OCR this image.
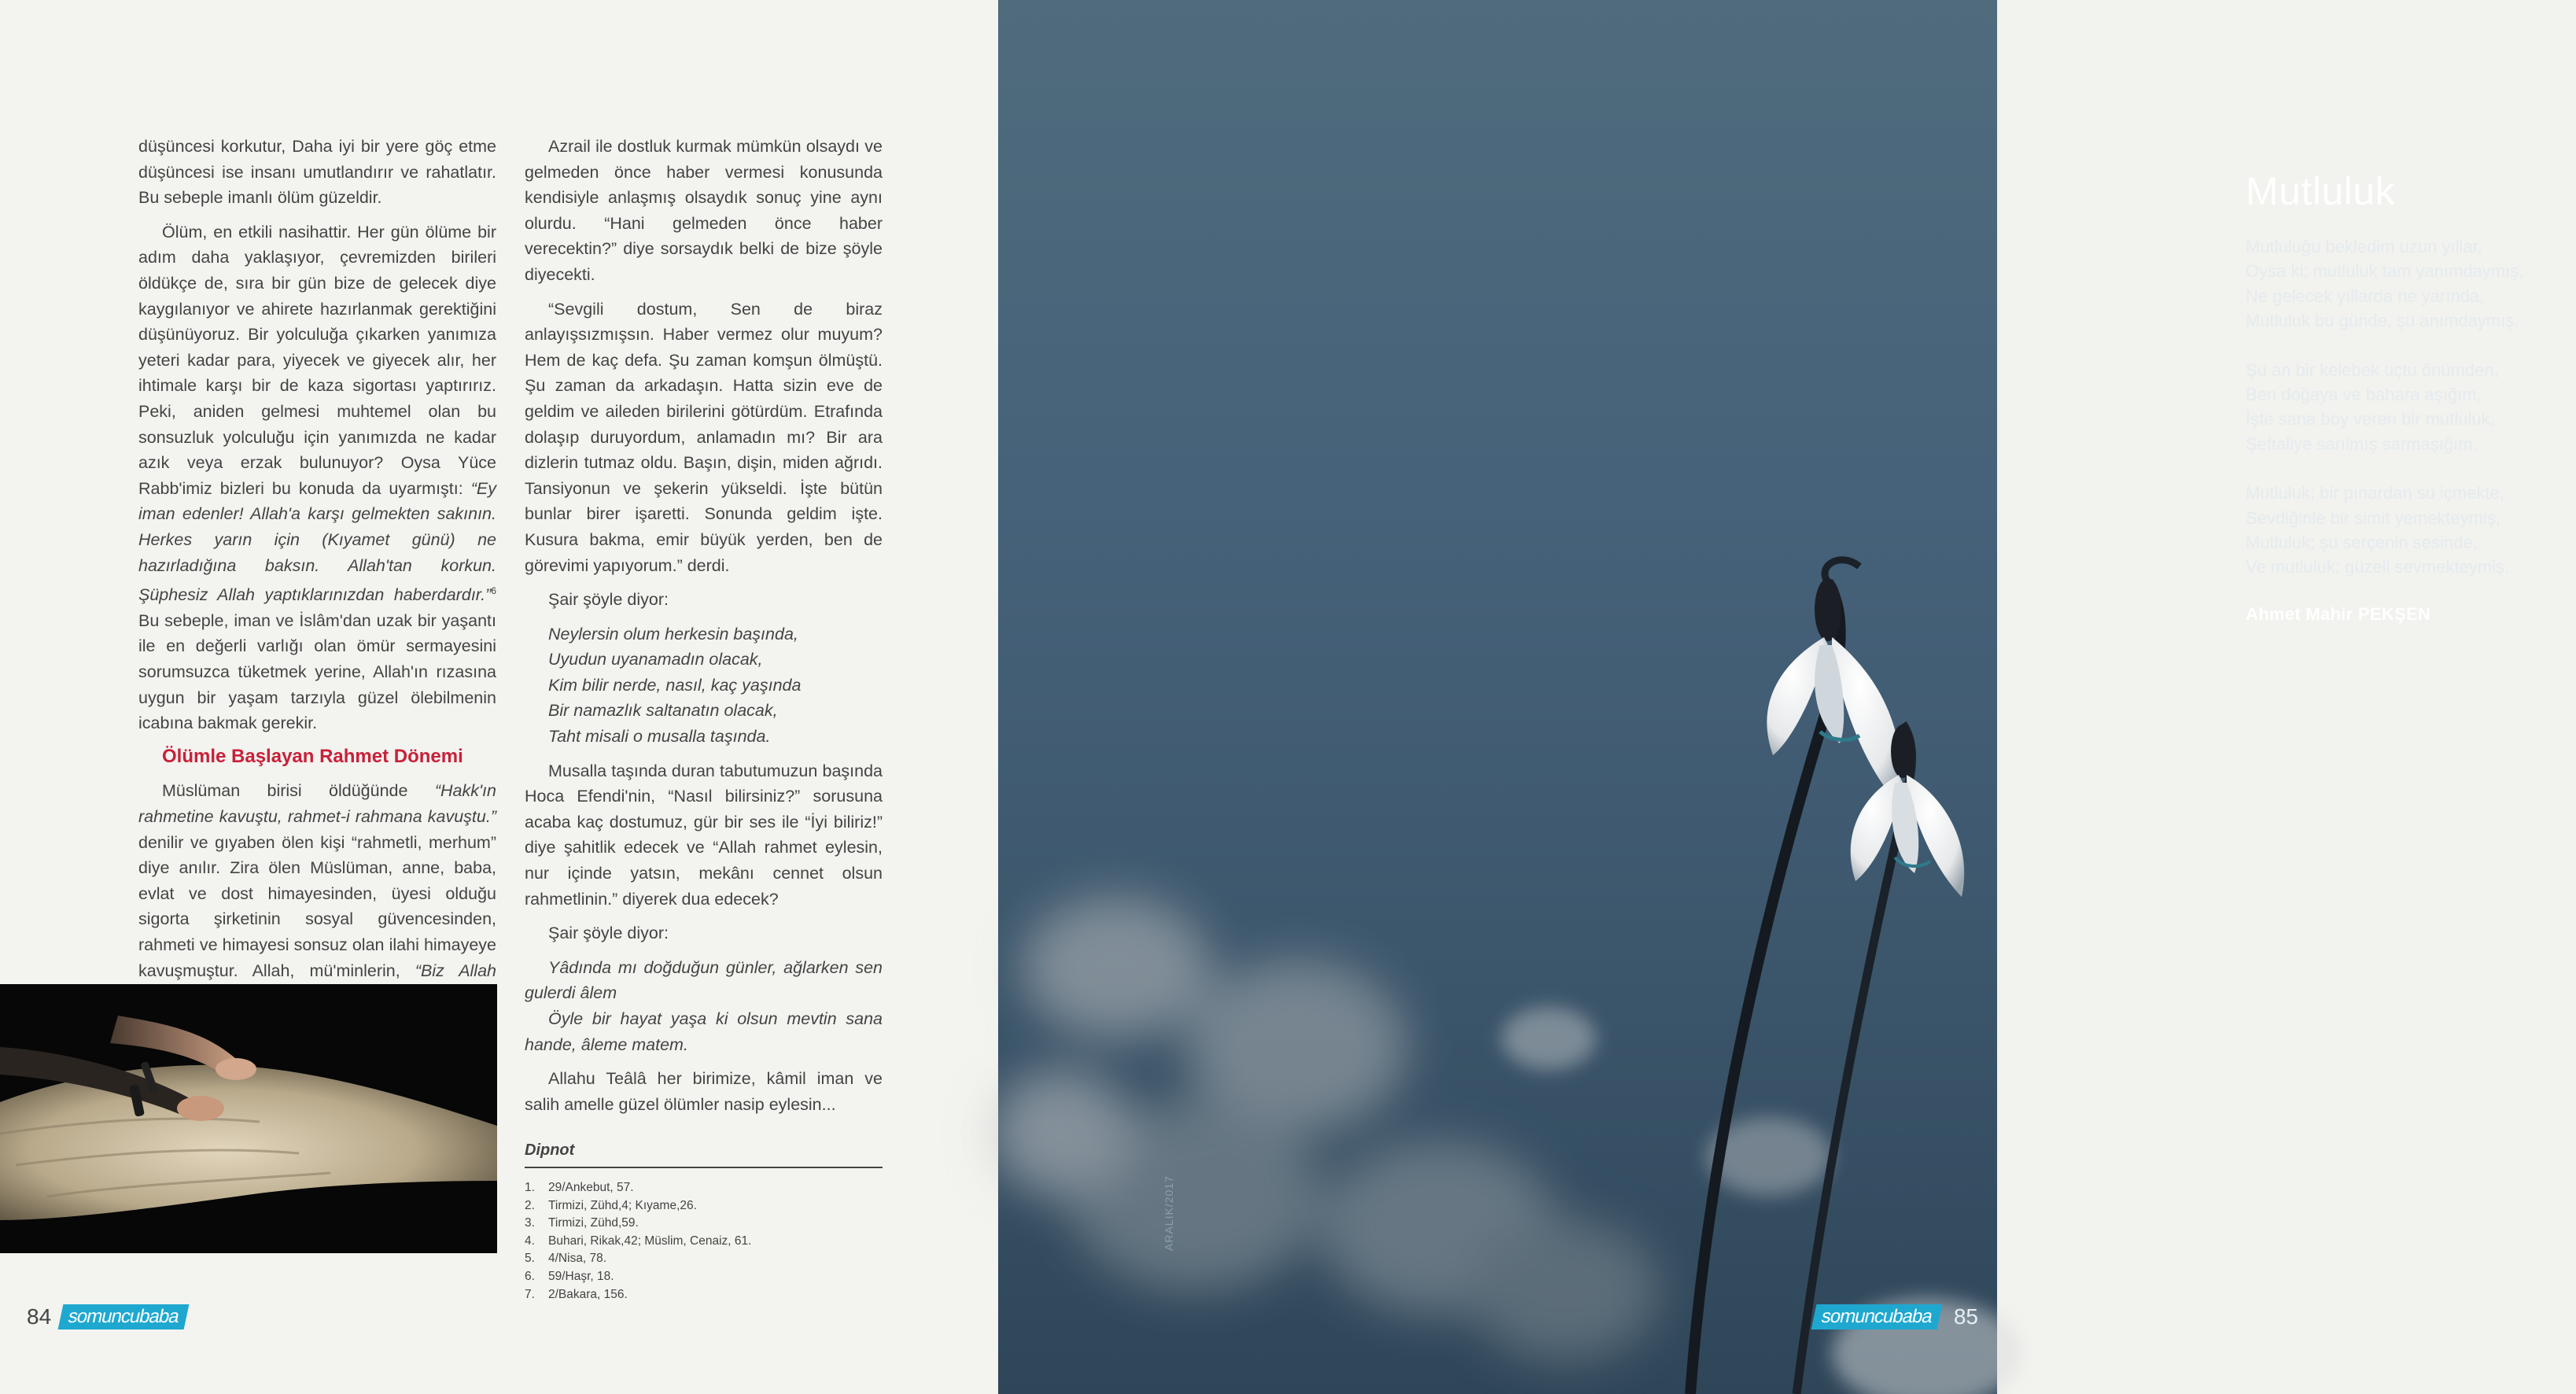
düşüncesi korkutur, Daha iyi bir yere göç etme düşüncesi ise insanı umutlandırır ve rahatlatır. Bu sebeple imanlı ölüm güzeldir.

Ölüm, en etkili nasihattir. Her gün ölüme bir adım daha yaklaşıyor, çevremizden birileri öldükçe de, sıra bir gün bize de gelecek diye kaygılanıyor ve ahirete hazırlanmak gerektiğini düşünüyoruz. Bir yolculuğa çıkarken yanımıza yeteri kadar para, yiyecek ve giyecek alır, her ihtimale karşı bir de kaza sigortası yaptırırız. Peki, aniden gelmesi muhtemel olan bu sonsuzluk yolculuğu için yanımızda ne kadar azık veya erzak bulunuyor? Oysa Yüce Rabb'imiz bizleri bu konuda da uyarmıştı: “Ey iman edenler! Allah'a karşı gelmekten sakının. Herkes yarın için (Kıyamet günü) ne hazırladığına baksın. Allah'tan korkun. Şüphesiz Allah yaptıklarınızdan haberdardır.”$^6$ Bu sebeple, iman ve İslâm'dan uzak bir yaşantı ile en değerli varlığı olan ömür sermayesini sorumsuzca tüketmek yerine, Allah'ın rızasına uygun bir yaşam tarzıyla güzel ölebilmenin icabına bakmak gerekir.

Ölümle Başlayan Rahmet Dönemi

Müslüman birisi öldüğünde “Hakk'ın rahmetine kavuştu, rahmet-i rahmana kavuştu.” denilir ve gıyaben ölen kişi “rahmetli, merhum” diye anılır. Zira ölen Müslüman, anne, baba, evlat ve dost himayesinden, üyesi olduğu sigorta şirketinin sosyal güvencesinden, rahmeti ve himayesi sonsuz olan ilahi himayeye kavuşmuştur. Allah, mü'minlerin, “Biz Allah

Azrail ile dostluk kurmak mümkün olsaydı ve gelmeden önce haber vermesi konusunda kendisiyle anlaşmış olsaydık sonuç yine aynı olurdu. “Hani gelmeden önce haber verecektin?” diye sorsaydık belki de bize şöyle diyecekti.

“Sevgili dostum, Sen de biraz anlayışsızmışsın. Haber vermez olur muyum? Hem de kaç defa. Şu zaman komşun ölmüştü. Şu zaman da arkadaşın. Hatta sizin eve de geldim ve aileden birilerini götürdüm. Etrafında dolaşıp duruyordum, anlamadın mı? Bir ara dizlerin tutmaz oldu. Başın, dişin, miden ağrıdı. Tansiyonun ve şekerin yükseldi. İşte bütün bunlar birer işaretti. Sonunda geldim işte. Kusura bakma, emir büyük yerden, ben de görevimi yapıyorum.” derdi.

Şair şöyle diyor:

Neylersin olum herkesin başında,
Uyudun uyanamadın olacak,
Kim bilir nerde, nasıl, kaç yaşında
Bir namazlık saltanatın olacak,
Taht misali o musalla taşında.

Musalla taşında duran tabutumuzun başında Hoca Efendi'nin, “Nasıl bilirsiniz?” sorusuna acaba kaç dostumuz, gür bir ses ile “İyi biliriz!” diye şahitlik edecek ve “Allah rahmet eylesin, nur içinde yatsın, mekânı cennet olsun rahmetlinin.” diyerek dua edecek?

Şair şöyle diyor:

Yâdında mı doğduğun günler, ağlarken sen gulerdi âlem

Öyle bir hayat yaşa ki olsun mevtin sana hande, âleme matem.

Allahu Teâlâ her birimize, kâmil iman ve salih amelle güzel ölümler nasip eylesin...

Dipnot

1.	29/Ankebut, 57.
2.	Tirmizi, Zühd,4; Kıyame,26.
3.	Tirmizi, Zühd,59.
4.	Buhari, Rikak,42; Müslim, Cenaiz, 61.
5.	4/Nisa, 78.
6.	59/Haşr, 18.
7.	2/Bakara, 156.
84 somuncubaba
Mutluluk
Mutluluğu bekledim uzun yıllar,
Oysa ki; mutluluk tam yanımdaymış,
Ne gelecek yıllarda ne yarında,
Mutluluk bu günde, şu anımdaymış.
Şu an bir kelebek uçtu önümden,
Ben doğaya ve bahara aşığım,
İşte sana boy veren bir mutluluk,
Şeftaliye sarılmış sarmaşığım.
Mutluluk; bir pınardan su içmekte,
Sevdiğinle bir simit yemekteymiş,
Mutluluk; şu serçenin sesinde,
Ve mutluluk; güzeli sevmekteymiş.
Ahmet Mahir PEKŞEN
ARALIK/2017
somuncubaba 85
